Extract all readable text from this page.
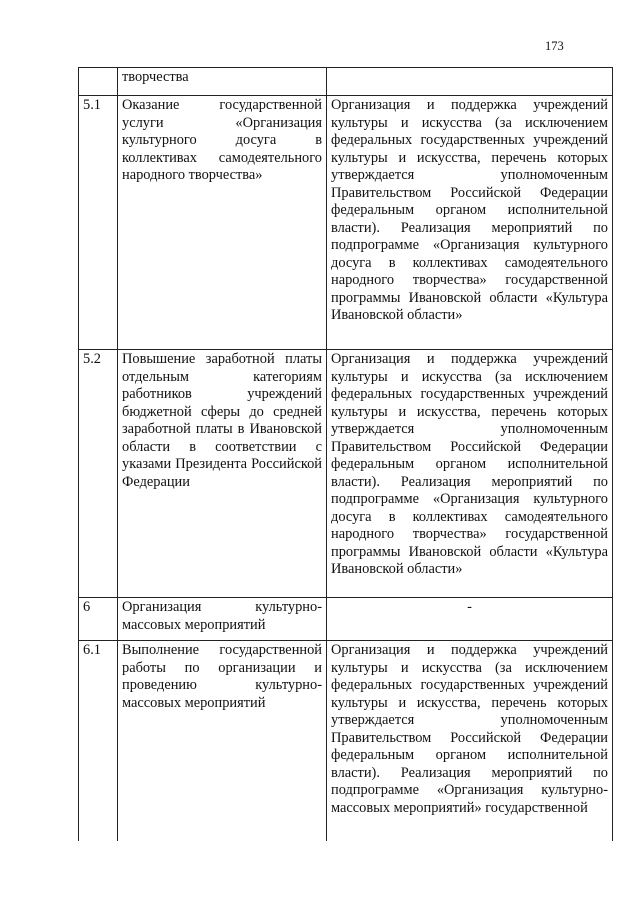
173
	творчества	
5.1	Оказание государственной услуги «Организация культурного досуга в коллективах самодеятельного народного творчества»	Организация и поддержка учреждений культуры и искусства (за исключением федеральных государственных учреждений культуры и искусства, перечень которых утверждается уполномоченным Правительством Российской Федерации федеральным органом исполнительной власти). Реализация мероприятий по подпрограмме «Организация культурного досуга в коллективах самодеятельного народного творчества» государственной программы Ивановской области «Культура Ивановской области»
5.2	Повышение заработной платы отдельным категориям работников учреждений бюджетной сферы до средней заработной платы в Ивановской области в соответствии с указами Президента Российской Федерации	Организация и поддержка учреждений культуры и искусства (за исключением федеральных государственных учреждений культуры и искусства, перечень которых утверждается уполномоченным Правительством Российской Федерации федеральным органом исполнительной власти). Реализация мероприятий по подпрограмме «Организация культурного досуга в коллективах самодеятельного народного творчества» государственной программы Ивановской области «Культура Ивановской области»
6	Организация культурно-массовых мероприятий	-
6.1	Выполнение государственной работы по организации и проведению культурно-массовых мероприятий	Организация и поддержка учреждений культуры и искусства (за исключением федеральных государственных учреждений культуры и искусства, перечень которых утверждается уполномоченным Правительством Российской Федерации федеральным органом исполнительной власти). Реализация мероприятий по подпрограмме «Организация культурно-массовых мероприятий» государственной
